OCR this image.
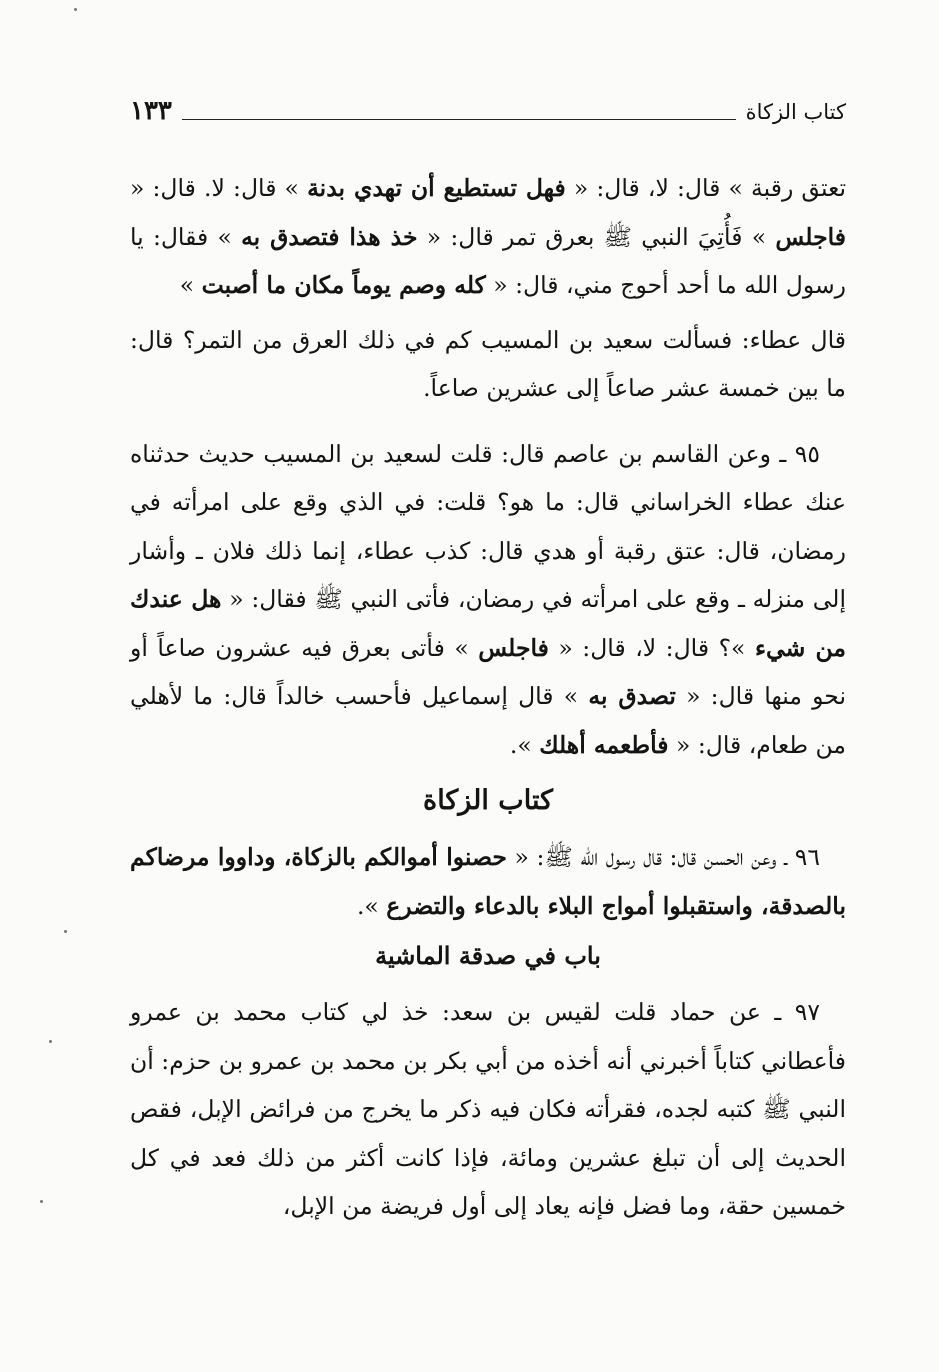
كتاب الزكاة
١٣٣

تعتق رقبة » قال: لا، قال: « فهل تستطيع أن تهدي بدنة » قال: لا. قال: « فاجلس » فَأُتِيَ النبي ﷺ بعرق تمر قال: « خذ هذا فتصدق به » فقال: يا رسول الله ما أحد أحوج مني، قال: « كله وصم يوماً مكان ما أصبت »

قال عطاء: فسألت سعيد بن المسيب كم في ذلك العرق من التمر؟ قال: ما بين خمسة عشر صاعاً إلى عشرين صاعاً.

٩٥ ـ وعن القاسم بن عاصم قال: قلت لسعيد بن المسيب حديث حدثناه عنك عطاء الخراساني قال: ما هو؟ قلت: في الذي وقع على امرأته في رمضان، قال: عتق رقبة أو هدي قال: كذب عطاء، إنما ذلك فلان ـ وأشار إلى منزله ـ وقع على امرأته في رمضان، فأتى النبي ﷺ فقال: « هل عندك من شيء »؟ قال: لا، قال: « فاجلس » فأتى بعرق فيه عشرون صاعاً أو نحو منها قال: « تصدق به » قال إسماعيل فأحسب خالداً قال: ما لأهلي من طعام، قال: « فأطعمه أهلك ».

كتاب الزكاة

٩٦ ـ وعن الحسن قال: قال رسول الله ﷺ: « حصنوا أموالكم بالزكاة، وداووا مرضاكم بالصدقة، واستقبلوا أمواج البلاء بالدعاء والتضرع ».

باب في صدقة الماشية

٩٧ ـ عن حماد قلت لقيس بن سعد: خذ لي كتاب محمد بن عمرو فأعطاني كتاباً أخبرني أنه أخذه من أبي بكر بن محمد بن عمرو بن حزم: أن النبي ﷺ كتبه لجده، فقرأته فكان فيه ذكر ما يخرج من فرائض الإبل، فقص الحديث إلى أن تبلغ عشرين ومائة، فإذا كانت أكثر من ذلك فعد في كل خمسين حقة، وما فضل فإنه يعاد إلى أول فريضة من الإبل،
